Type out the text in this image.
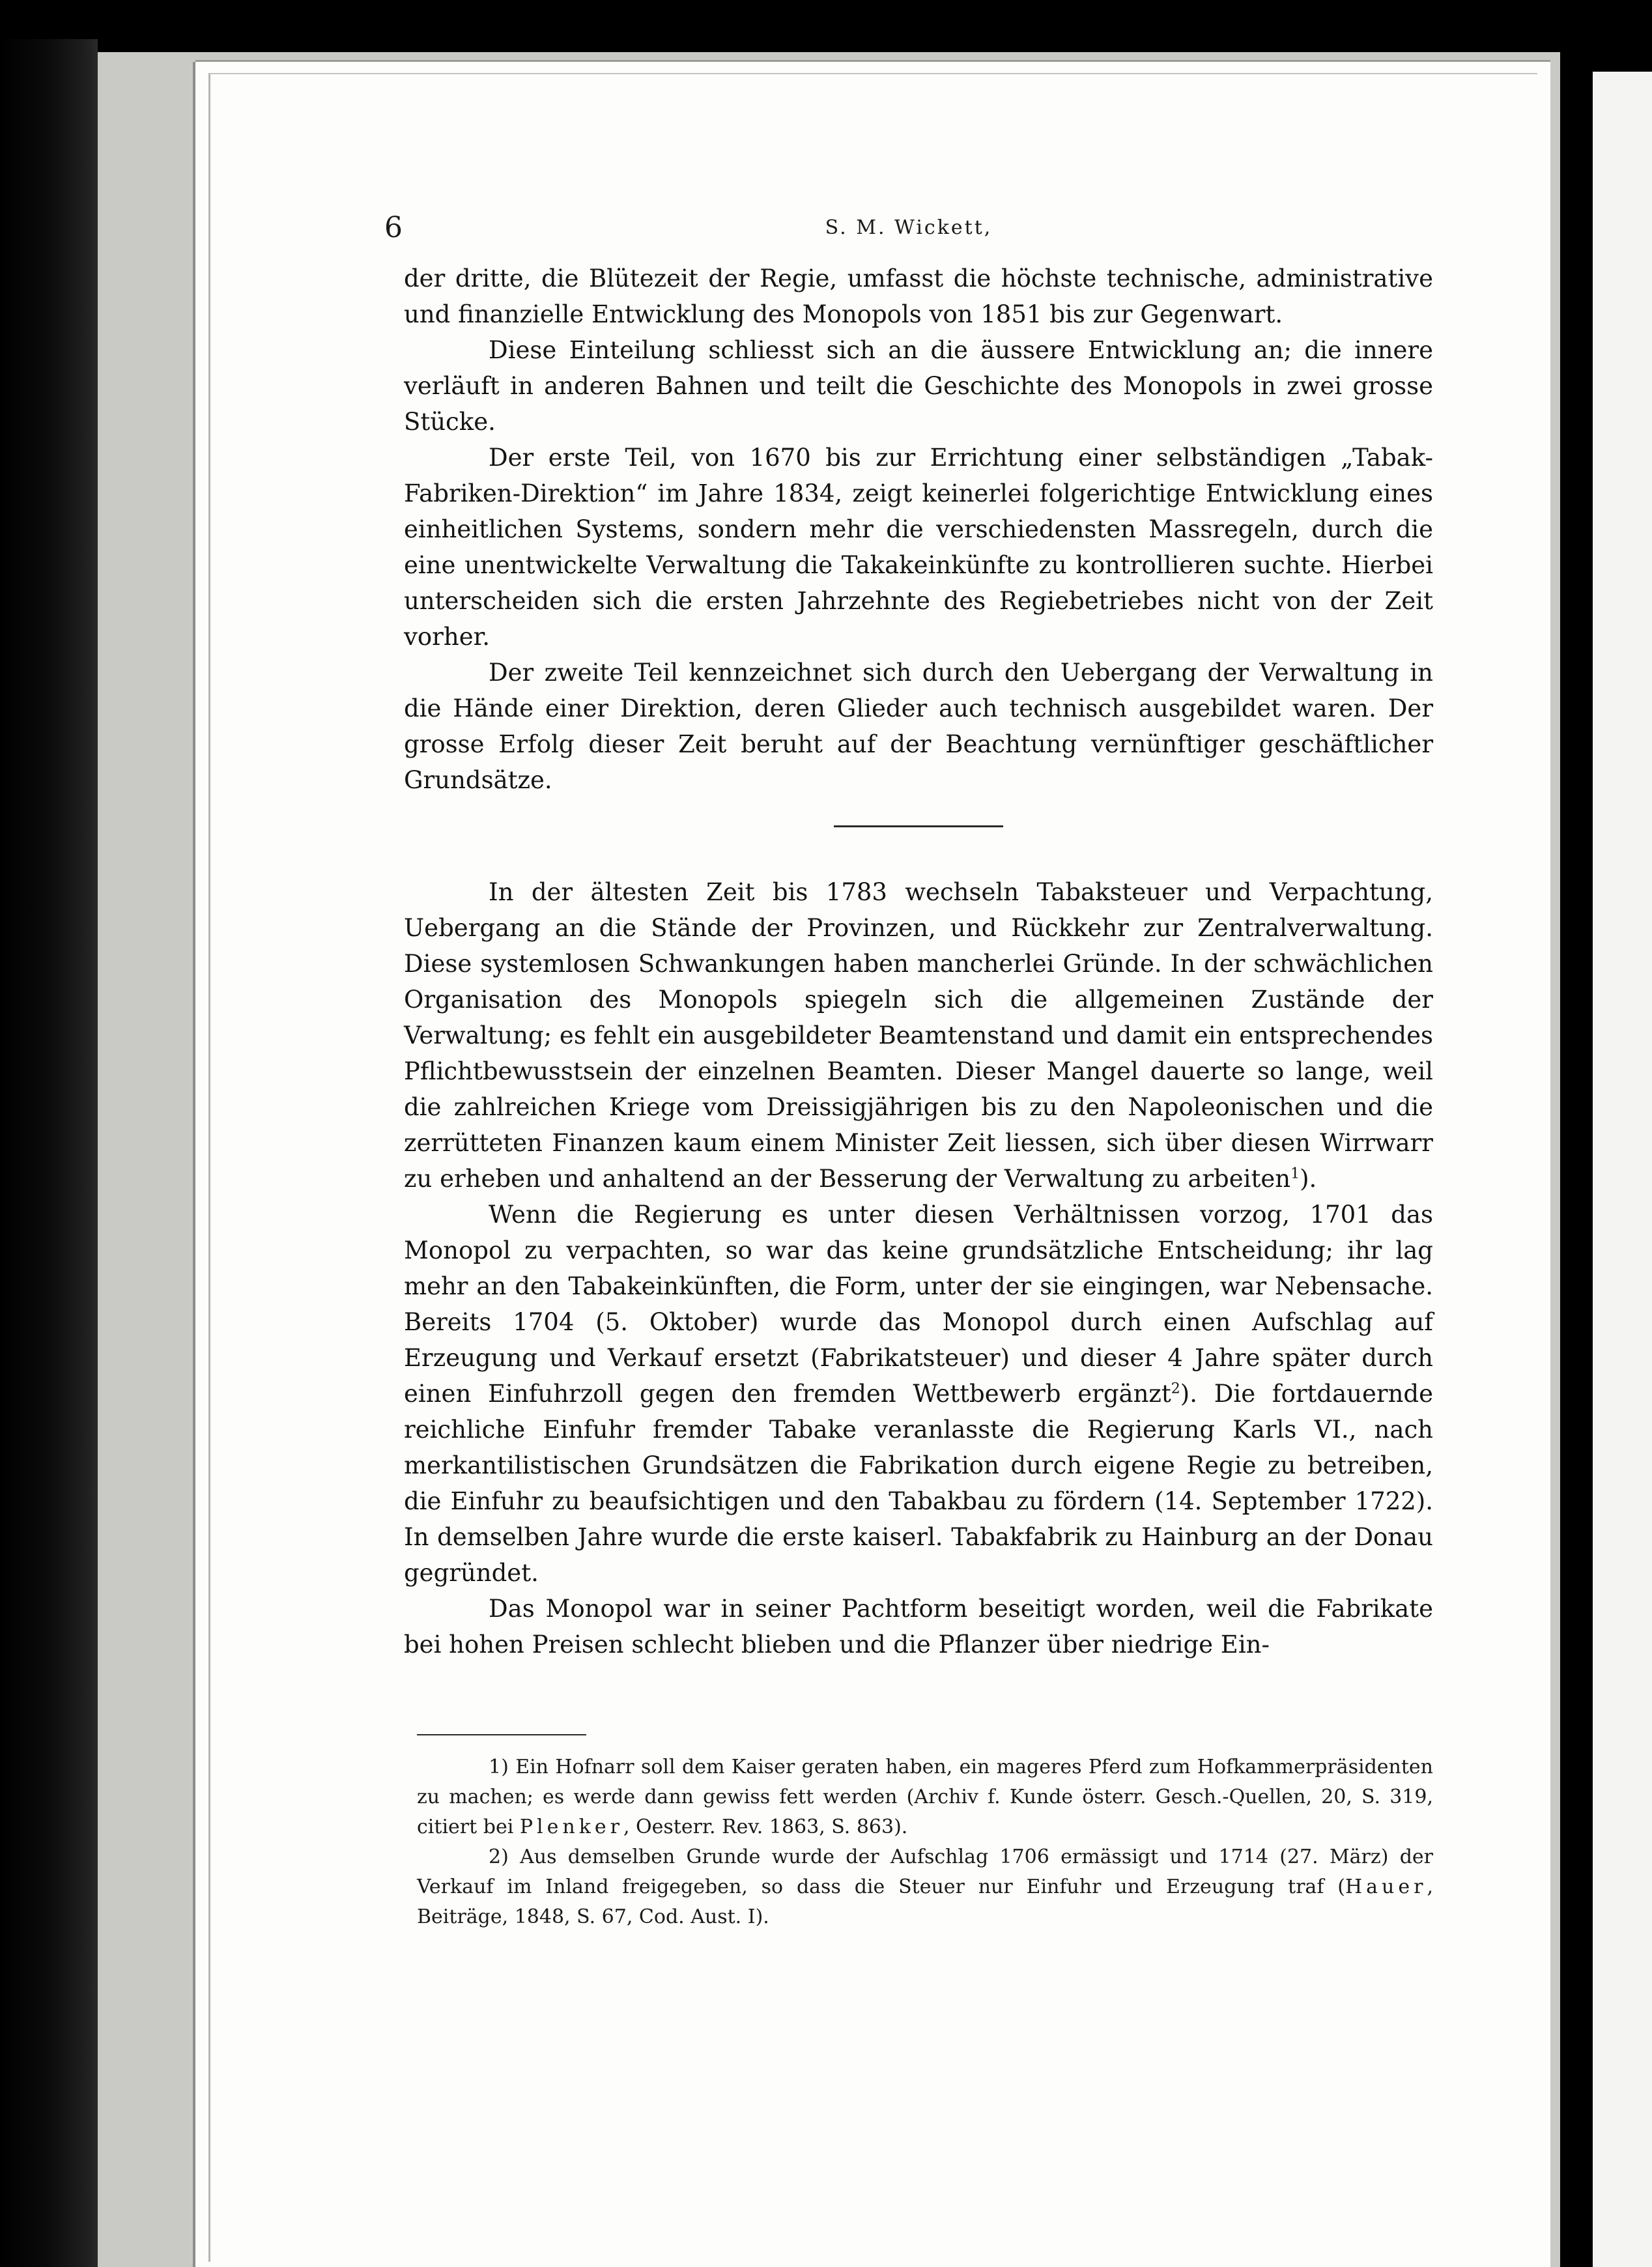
6	S. M. Wickett,

der dritte, die Blütezeit der Regie, umfasst die höchste technische, administrative und finanzielle Entwicklung des Monopols von 1851 bis zur Gegenwart.

Diese Einteilung schliesst sich an die äussere Entwicklung an; die innere verläuft in anderen Bahnen und teilt die Geschichte des Monopols in zwei grosse Stücke.

Der erste Teil, von 1670 bis zur Errichtung einer selbständigen „Tabak-Fabriken-Direktion“ im Jahre 1834, zeigt keinerlei folgerichtige Entwicklung eines einheitlichen Systems, sondern mehr die verschiedensten Massregeln, durch die eine unentwickelte Verwaltung die Takakeinkünfte zu kontrollieren suchte. Hierbei unterscheiden sich die ersten Jahrzehnte des Regiebetriebes nicht von der Zeit vorher.

Der zweite Teil kennzeichnet sich durch den Uebergang der Verwaltung in die Hände einer Direktion, deren Glieder auch technisch ausgebildet waren. Der grosse Erfolg dieser Zeit beruht auf der Beachtung vernünftiger geschäftlicher Grundsätze.

In der ältesten Zeit bis 1783 wechseln Tabaksteuer und Verpachtung, Uebergang an die Stände der Provinzen, und Rückkehr zur Zentralverwaltung. Diese systemlosen Schwankungen haben mancherlei Gründe. In der schwächlichen Organisation des Monopols spiegeln sich die allgemeinen Zustände der Verwaltung; es fehlt ein ausgebildeter Beamtenstand und damit ein entsprechendes Pflichtbewusstsein der einzelnen Beamten. Dieser Mangel dauerte so lange, weil die zahlreichen Kriege vom Dreissigjährigen bis zu den Napoleonischen und die zerrütteten Finanzen kaum einem Minister Zeit liessen, sich über diesen Wirrwarr zu erheben und anhaltend an der Besserung der Verwaltung zu arbeiten$^1$).

Wenn die Regierung es unter diesen Verhältnissen vorzog, 1701 das Monopol zu verpachten, so war das keine grundsätzliche Entscheidung; ihr lag mehr an den Tabakeinkünften, die Form, unter der sie eingingen, war Nebensache. Bereits 1704 (5. Oktober) wurde das Monopol durch einen Aufschlag auf Erzeugung und Verkauf ersetzt (Fabrikatsteuer) und dieser 4 Jahre später durch einen Einfuhrzoll gegen den fremden Wettbewerb ergänzt$^2$). Die fortdauernde reichliche Einfuhr fremder Tabake veranlasste die Regierung Karls VI., nach merkantilistischen Grundsätzen die Fabrikation durch eigene Regie zu betreiben, die Einfuhr zu beaufsichtigen und den Tabakbau zu fördern (14. September 1722). In demselben Jahre wurde die erste kaiserl. Tabakfabrik zu Hainburg an der Donau gegründet.

Das Monopol war in seiner Pachtform beseitigt worden, weil die Fabrikate bei hohen Preisen schlecht blieben und die Pflanzer über niedrige Ein-

1) Ein Hofnarr soll dem Kaiser geraten haben, ein mageres Pferd zum Hofkammerpräsidenten zu machen; es werde dann gewiss fett werden (Archiv f. Kunde österr. Gesch.-Quellen, 20, S. 319, citiert bei Plenker, Oesterr. Rev. 1863, S. 863).

2) Aus demselben Grunde wurde der Aufschlag 1706 ermässigt und 1714 (27. März) der Verkauf im Inland freigegeben, so dass die Steuer nur Einfuhr und Erzeugung traf (Hauer, Beiträge, 1848, S. 67, Cod. Aust. I).
